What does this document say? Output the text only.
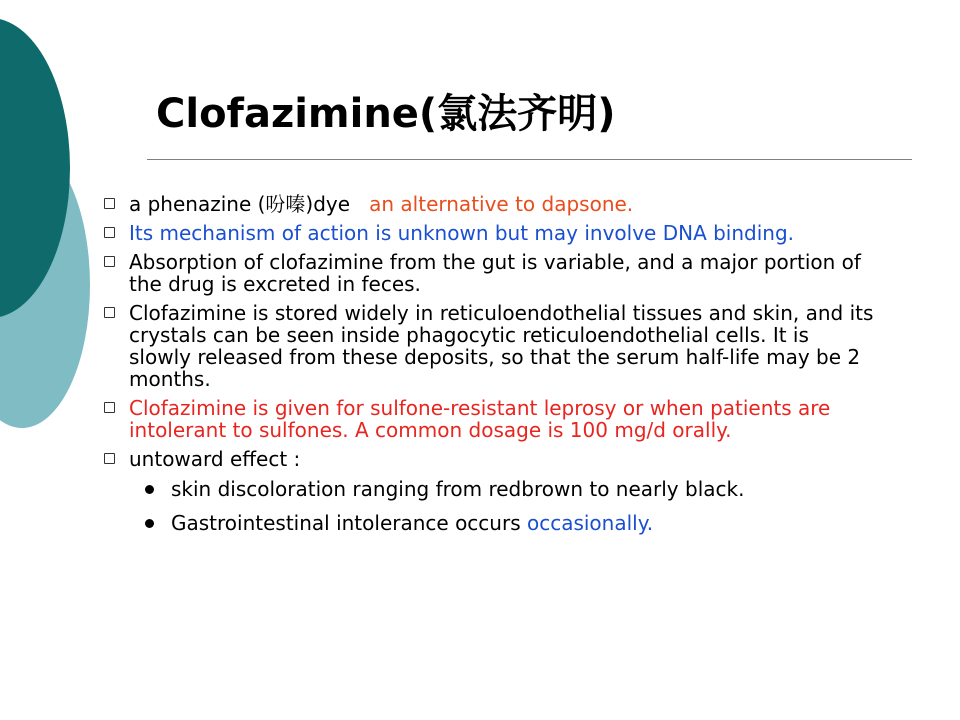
Clofazimine(氯法齐明)
a phenazine (吩嗪)dye an alternative to dapsone.
Its mechanism of action is unknown but may involve DNA binding.
Absorption of clofazimine from the gut is variable, and a major portion of the drug is excreted in feces.
Clofazimine is stored widely in reticuloendothelial tissues and skin, and its crystals can be seen inside phagocytic reticuloendothelial cells. It is slowly released from these deposits, so that the serum half-life may be 2 months.
Clofazimine is given for sulfone-resistant leprosy or when patients are intolerant to sulfones. A common dosage is 100 mg/d orally.
untoward effect :
skin discoloration ranging from redbrown to nearly black.
Gastrointestinal intolerance occurs occasionally.
